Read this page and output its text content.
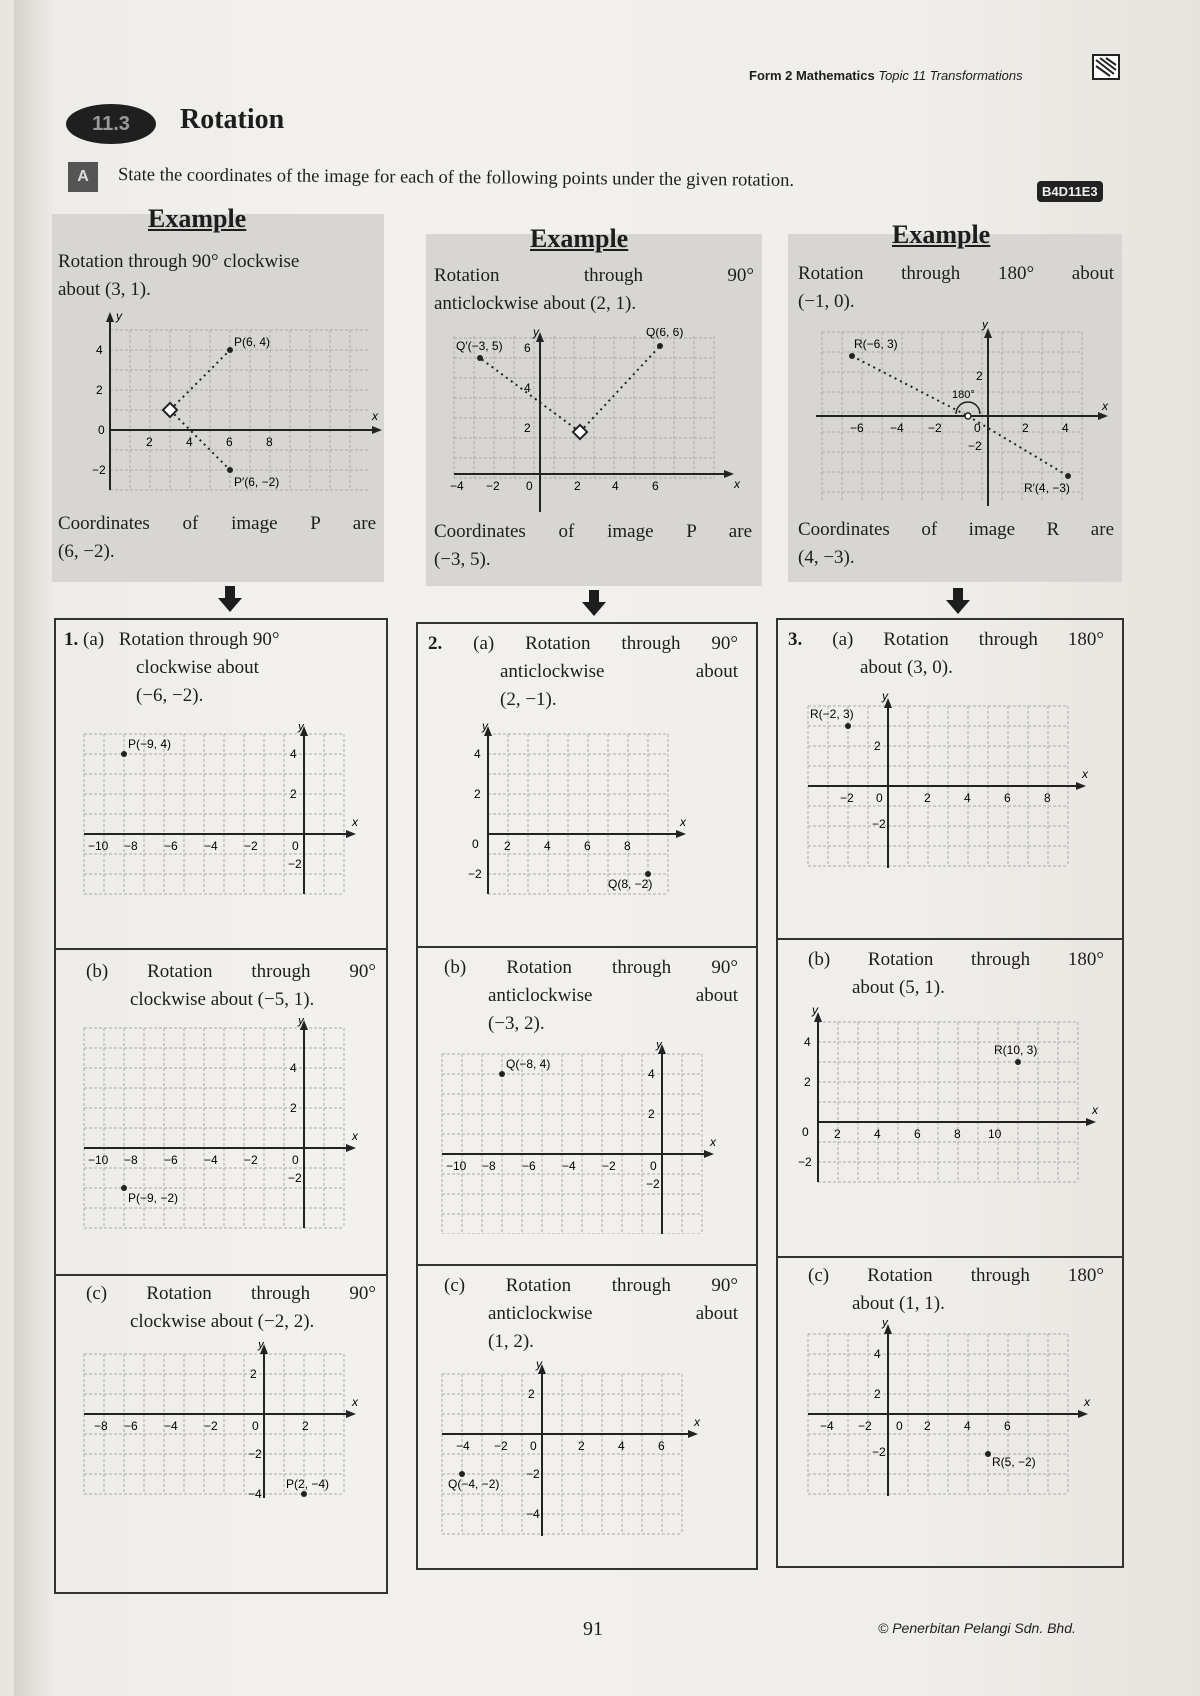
Form 2 Mathematics Topic 11 Transformations
11.3	Rotation
A	State the coordinates of the image for each of the following points under the given rotation.
B4D11E3
Example
Rotation through 90° clockwise
about (3, 1).
y
x
0
2	4	6	8
4
2
−2
P(6, 4)
P′(6, −2)
Coordinates of image P are
(6, −2).
Example
Rotation through 90°
anticlockwise about (2, 1).
y
x
0
−4 −2	2	4	6
6
4
2
Q′(−3, 5)
Q(6, 6)
Coordinates of image P are
(−3, 5).
Example
Rotation through 180° about
(−1, 0).
y
x
0
−6 −4 −2	2	4
2
−2
R(−6, 3)
R′(4, −3)
180°
Coordinates of image R are
(4, −3).
1. (a) Rotation through 90°
clockwise about
(−6, −2).
y
x
0
−10 −8 −6 −4 −2
4
2
−2
P(−9, 4)
(b) Rotation through 90°
clockwise about (−5, 1).
y
x
0
−10 −8 −6 −4 −2
4
2
−2
P(−9, −2)
(c) Rotation through 90°
clockwise about (−2, 2).
y
x
0
−8 −6 −4 −2	2
2
−2
−4
P(2, −4)
2. (a) Rotation through 90°
anticlockwise about
(2, −1).
y
x
0 2	4	6	8
4
2
−2
Q(8, −2)
(b) Rotation through 90°
anticlockwise about
(−3, 2).
y
x
0
−10 −8 −6 −4 −2
4
2
−2
Q(−8, 4)
(c) Rotation through 90°
anticlockwise about
(1, 2).
y
x
0
−4 −2	2	4	6
2
−2
−4
Q(−4, −2)
3. (a) Rotation through 180°
about (3, 0).
y
x
0
−2	2	4	6	8
2
−2
R(−2, 3)
(b) Rotation through 180°
about (5, 1).
y
x
0 2	4	6	8 10
4
2
−2
R(10, 3)
(c) Rotation through 180°
about (1, 1).
y
x
0
−4 −2	2	4	6
4
2
−2
R(5, −2)
91	© Penerbitan Pelangi Sdn. Bhd.
